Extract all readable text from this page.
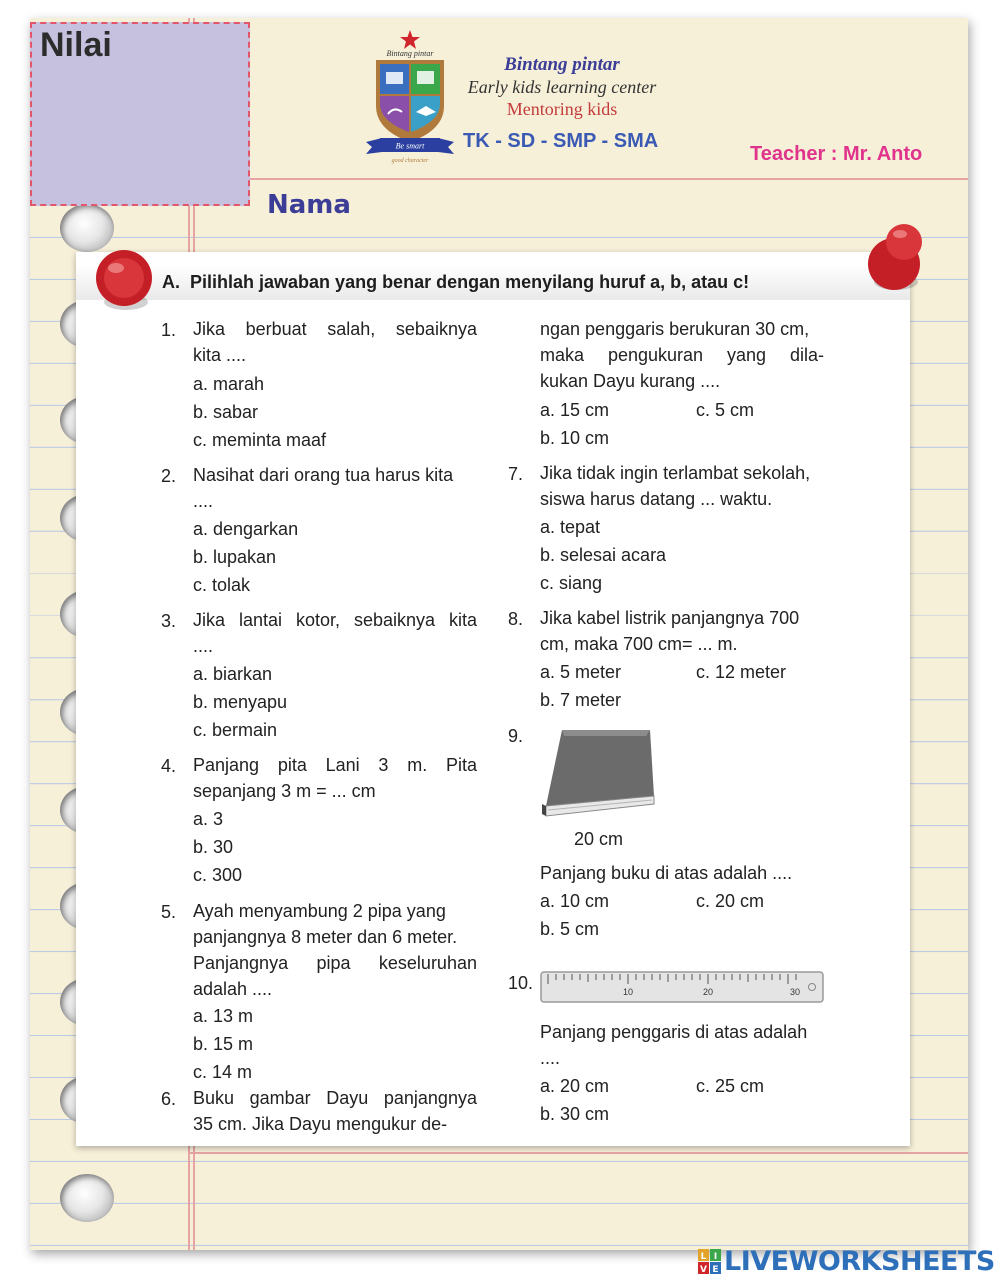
Nilai	Bintang pintar
Be smart
good character
Bintang pintar
Early kids learning center
Mentoring kids
TK - SD - SMP - SMA
Teacher : Mr. Anto
Nama
A. Pilihlah jawaban yang benar dengan menyilang huruf a, b, atau c!
1. Jika berbuat salah, sebaiknya
kita ....
a. marah
b. sabar
c. meminta maaf
2. Nasihat dari orang tua harus kita
....
a. dengarkan
b. lupakan
c. tolak
3. Jika lantai kotor, sebaiknya kita
....
a. biarkan
b. menyapu
c. bermain
4. Panjang pita Lani 3 m. Pita
sepanjang 3 m = ... cm
a. 3
b. 30
c. 300
5. Ayah menyambung 2 pipa yang
panjangnya 8 meter dan 6 meter.
Panjangnya pipa keseluruhan
adalah ....
a. 13 m
b. 15 m
c. 14 m
6. Buku gambar Dayu panjangnya
35 cm. Jika Dayu mengukur de-
ngan penggaris berukuran 30 cm,
maka pengukuran yang dila-
kukan Dayu kurang ....
a. 15 cm	c. 5 cm
b. 10 cm
7. Jika tidak ingin terlambat sekolah,
siswa harus datang ... waktu.
a. tepat
b. selesai acara
c. siang
8. Jika kabel listrik panjangnya 700
cm, maka 700 cm= ... m.
a. 5 meter	c. 12 meter
b. 7 meter
9.
20 cm
Panjang buku di atas adalah ....
a. 10 cm	c. 20 cm
b. 5 cm
10.	10	20	30
Panjang penggaris di atas adalah
....
a. 20 cm	c. 25 cm
b. 30 cm
L I
V E LIVEWORKSHEETS
